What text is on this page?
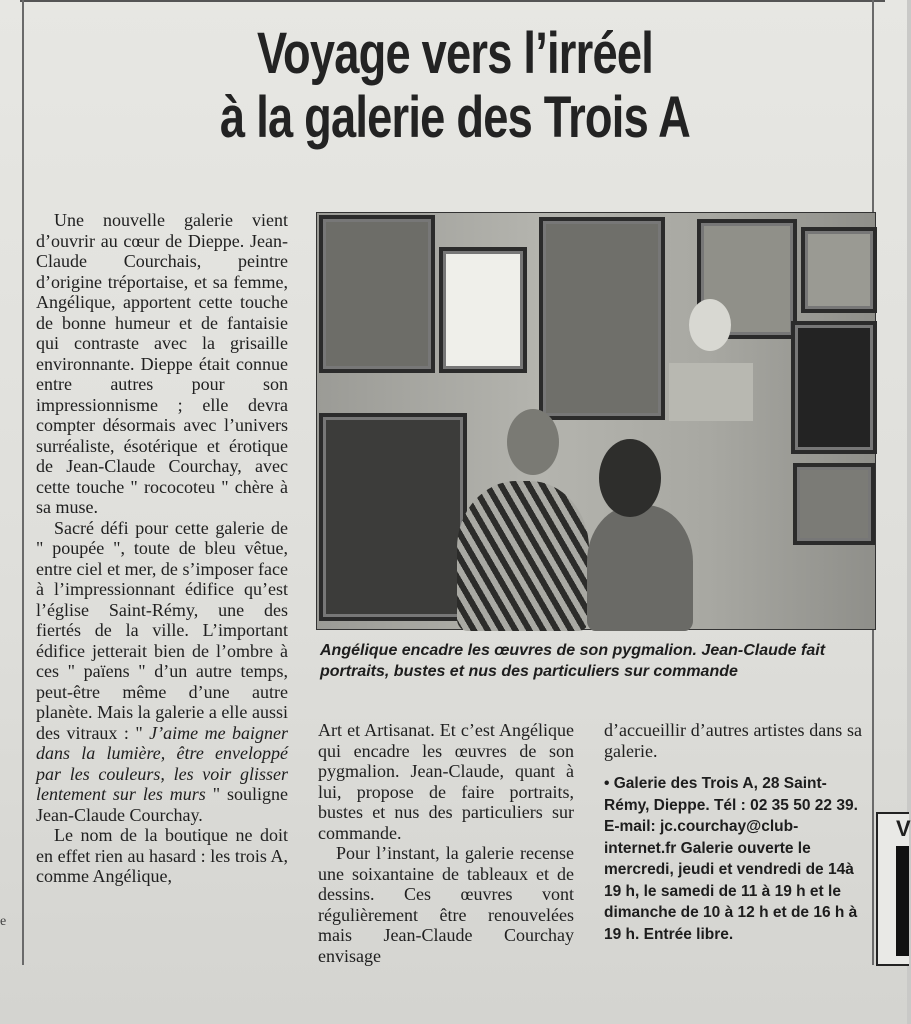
e
V
Voyage vers l’irréel
à la galerie des Trois A

Une nouvelle galerie vient d’ouvrir au cœur de Dieppe. Jean-Claude Courchais, peintre d’origine tréportaise, et sa femme, Angélique, apportent cette touche de bonne humeur et de fantaisie qui contraste avec la grisaille environnante. Dieppe était connue entre autres pour son impressionnisme ; elle devra compter désormais avec l’univers surréaliste, ésotérique et érotique de Jean-Claude Courchay, avec cette touche " rococoteu " chère à sa muse.

Sacré défi pour cette galerie de " poupée ", toute de bleu vêtue, entre ciel et mer, de s’imposer face à l’impressionnant édifice qu’est l’église Saint-Rémy, une des fiertés de la ville. L’important édifice jetterait bien de l’ombre à ces " païens " d’un autre temps, peut-être même d’une autre planète. Mais la galerie a elle aussi des vitraux : " J’aime me baigner dans la lumière, être enveloppé par les couleurs, les voir glisser lentement sur les murs " souligne Jean-Claude Courchay.

Le nom de la boutique ne doit en effet rien au hasard : les trois A, comme Angélique,

Angélique encadre les œuvres de son pygmalion. Jean-Claude fait portraits, bustes et nus des particuliers sur commande

Art et Artisanat. Et c’est Angélique qui encadre les œuvres de son pygmalion. Jean-Claude, quant à lui, propose de faire portraits, bustes et nus des particuliers sur commande.

Pour l’instant, la galerie recense une soixantaine de tableaux et de dessins. Ces œuvres vont régulièrement être renouvelées mais Jean-Claude Courchay envisage

d’accueillir d’autres artistes dans sa galerie.

• Galerie des Trois A, 28 Saint-Rémy, Dieppe. Tél : 02 35 50 22 39. E-mail: jc.courchay@club-internet.fr Galerie ouverte le mercredi, jeudi et vendredi de 14à 19 h, le samedi de 11 à 19 h et le dimanche de 10 à 12 h et de 16 h à 19 h. Entrée libre.
